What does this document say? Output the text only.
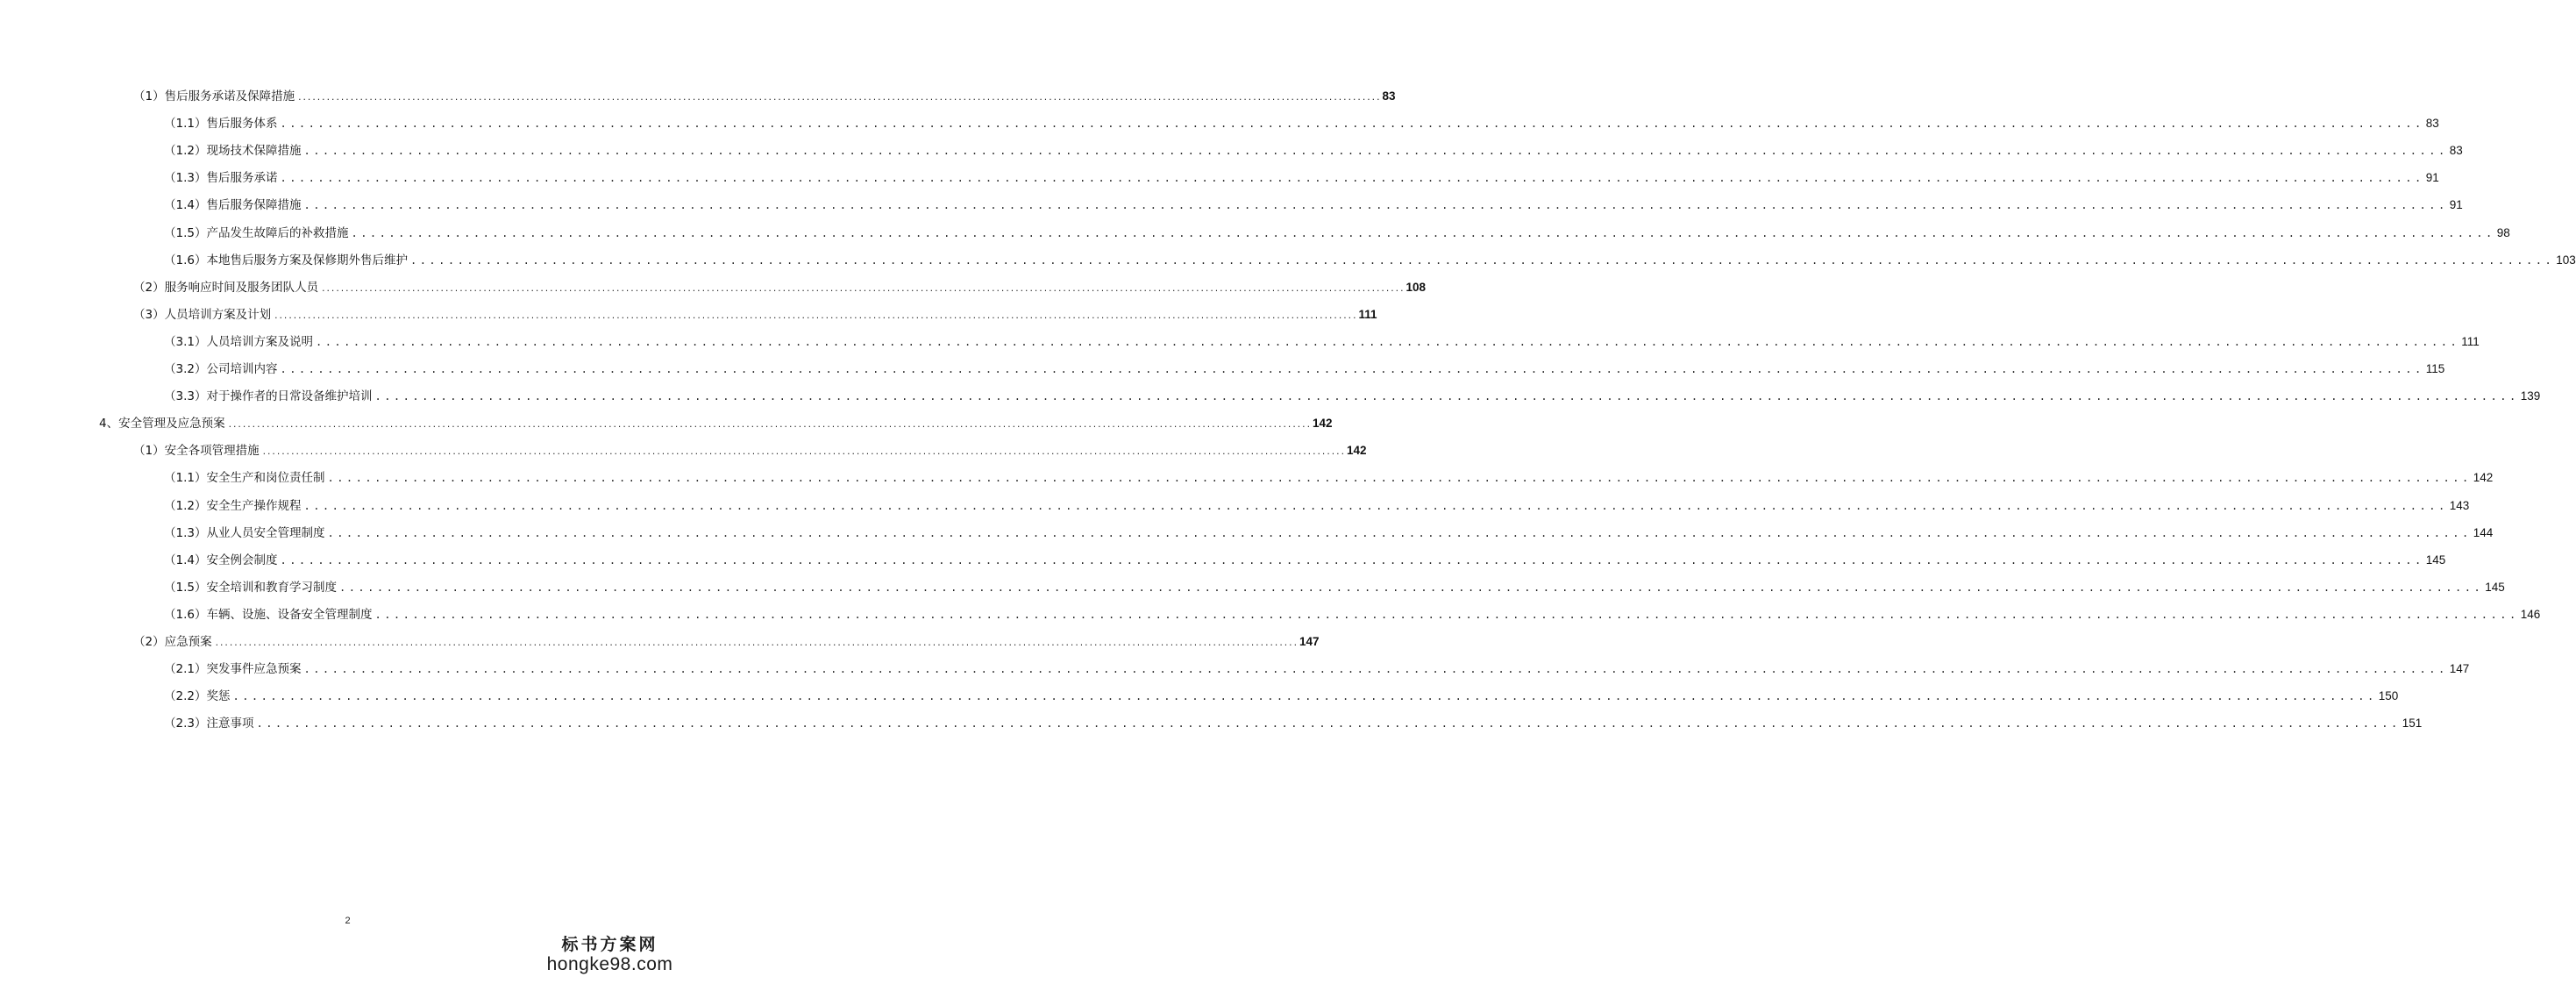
（1）售后服务承诺及保障措施 .................................................................................................................................................................................................................................... 83
（1.1）售后服务体系 .................................................................................................................................................................................................................................... 83
（1.2）现场技术保障措施 .................................................................................................................................................................................................................................... 83
（1.3）售后服务承诺 .................................................................................................................................................................................................................................... 91
（1.4）售后服务保障措施 .................................................................................................................................................................................................................................... 91
（1.5）产品发生故障后的补救措施 .................................................................................................................................................................................................................................... 98
（1.6）本地售后服务方案及保修期外售后维护 .................................................................................................................................................................................................................................... 103
（2）服务响应时间及服务团队人员 .................................................................................................................................................................................................................................... 108
（3）人员培训方案及计划 .................................................................................................................................................................................................................................... 111
（3.1）人员培训方案及说明 .................................................................................................................................................................................................................................... 111
（3.2）公司培训内容 .................................................................................................................................................................................................................................... 115
（3.3）对于操作者的日常设备维护培训 .................................................................................................................................................................................................................................... 139
4、安全管理及应急预案 .................................................................................................................................................................................................................................... 142
（1）安全各项管理措施 .................................................................................................................................................................................................................................... 142
（1.1）安全生产和岗位责任制 .................................................................................................................................................................................................................................... 142
（1.2）安全生产操作规程 .................................................................................................................................................................................................................................... 143
（1.3）从业人员安全管理制度 .................................................................................................................................................................................................................................... 144
（1.4）安全例会制度 .................................................................................................................................................................................................................................... 145
（1.5）安全培训和教育学习制度 .................................................................................................................................................................................................................................... 145
（1.6）车辆、设施、设备安全管理制度 .................................................................................................................................................................................................................................... 146
（2）应急预案 .................................................................................................................................................................................................................................... 147
（2.1）突发事件应急预案 .................................................................................................................................................................................................................................... 147
（2.2）奖惩 .................................................................................................................................................................................................................................... 150
（2.3）注意事项 .................................................................................................................................................................................................................................... 151
2
标书方案网
hongke98.com
